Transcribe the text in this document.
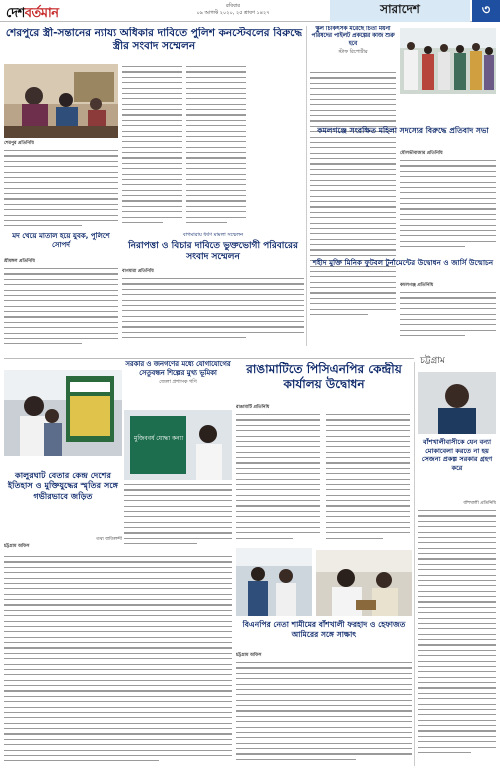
দেশবর্তমান	রবিবার
০৯ আগস্ট ২০২০, ২৫ শ্রাবণ ১৪২৭	সারাদেশ	৩
শেরপুরে স্ত্রী-সন্তানের ন্যায্য অধিকার দাবিতে পুলিশ কনস্টেবলের বিরুদ্ধে স্ত্রীর সংবাদ সম্মেলন
শেরপুর প্রতিনিধি
মদ খেয়ে মাতাল হয়ে যুবক, পুলিশে সোপর্দ
শ্রীমঙ্গল প্রতিনিধি
বাগমারায় ধর্ষণ মামলা সম্মেলন
নিরাপত্তা ও বিচার দাবিতে ভুক্তভোগী পরিবারের সংবাদ সম্মেলন
বাগমারা প্রতিনিধি
স্কুল চিকিৎসক মরেছে চিতা ময়না পরিষদের পাইলট প্রকল্পের কাজ শুরু হবে
স্টাফ রিপোর্টার
কমলগঞ্জে সংরক্ষিত মহিলা সদস্যের বিরুদ্ধে প্রতিবাদ সভা
মৌলভীবাজার প্রতিনিধি
শহীদ মুক্তি মিনিক ফুটবল টুর্নামেন্টের উদ্বোধন ও জার্সি উন্মোচন
কমলগঞ্জ প্রতিনিধি
চট্টগ্রাম
সরকার ও জনগণের মধ্যে যোগাযোগের সেতুবন্ধন শিল্পের মুখ্য ভূমিকা
জেলা প্রশাসক গণি
মুজিববর্ষ যোদ্ধা কন্যা
রাঙামাটিতে পিসিএনপির কেন্দ্রীয় কার্যালয় উদ্বোধন
রাঙামাটি প্রতিনিধি
কালুরঘাট বেতার কেন্দ্র দেশের ইতিহাস ও মুক্তিযুদ্ধের স্মৃতির সঙ্গে গভীরভাবে জড়িত
তথ্য বাতিলন্দী
চট্টগ্রাম অফিস
বিএনপির নেতা শামীমের বাঁশখালী ফরহাদ ও হেফাজত আমিরের সঙ্গে সাক্ষাৎ
চট্টগ্রাম অফিস
বাঁশখালীবাসীকে যেন বন্যা মোকাবেলা করতে না হয় সেজন্য প্রকল্প সরকার গ্রহণ করে
বাঁশখালী প্রতিনিধি
